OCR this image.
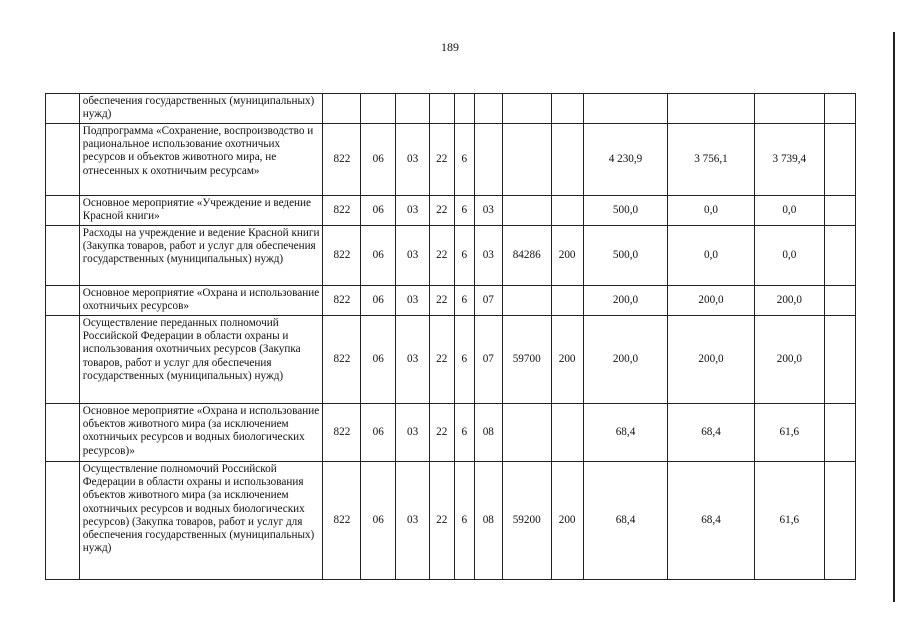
189
	обеспечения государственных (муниципальных) нужд)												
	Подпрограмма «Сохранение, воспроизводство и рациональное использование охотничьих ресурсов и объектов животного мира, не отнесенных к охотничьим ресурсам»	822	06	03	22	6				4 230,9	3 756,1	3 739,4	
	Основное мероприятие «Учреждение и ведение Красной книги»	822	06	03	22	6	03			500,0	0,0	0,0	
	Расходы на учреждение и ведение Красной книги (Закупка товаров, работ и услуг для обеспечения государственных (муниципальных) нужд)	822	06	03	22	6	03	84286	200	500,0	0,0	0,0	
	Основное мероприятие «Охрана и использование охотничьих ресурсов»	822	06	03	22	6	07			200,0	200,0	200,0	
	Осуществление переданных полномочий Российской Федерации в области охраны и использования охотничьих ресурсов (Закупка товаров, работ и услуг для обеспечения государственных (муниципальных) нужд)	822	06	03	22	6	07	59700	200	200,0	200,0	200,0	
	Основное мероприятие «Охрана и использование объектов животного мира (за исключением охотничьих ресурсов и водных биологических ресурсов)»	822	06	03	22	6	08			68,4	68,4	61,6	
	Осуществление полномочий Российской Федерации в области охраны и использования объектов животного мира (за исключением охотничьих ресурсов и водных биологических ресурсов) (Закупка товаров, работ и услуг для обеспечения государственных (муниципальных) нужд)	822	06	03	22	6	08	59200	200	68,4	68,4	61,6	
